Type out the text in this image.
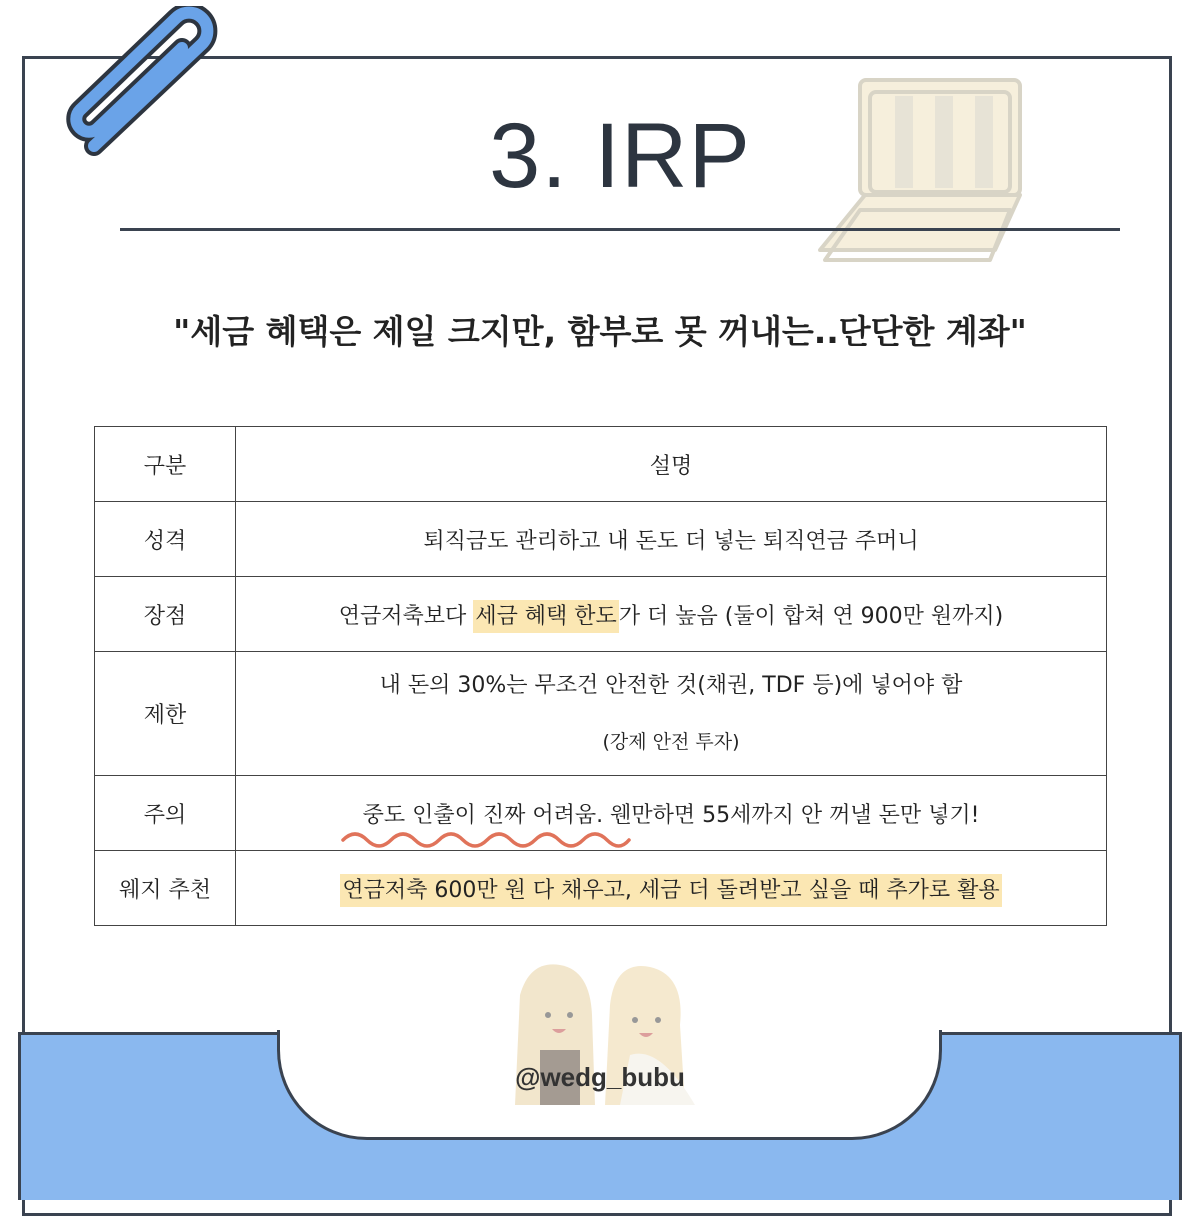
3. IRP
"세금 혜택은 제일 크지만, 함부로 못 꺼내는..단단한 계좌"
구분	설명
성격	퇴직금도 관리하고 내 돈도 더 넣는 퇴직연금 주머니
장점	연금저축보다 세금 혜택 한도가 더 높음 (둘이 합쳐 연 900만 원까지)
제한	내 돈의 30%는 무조건 안전한 것(채권, TDF 등)에 넣어야 함
(강제 안전 투자)

주의	중도 인출이 진짜 어려움
. 웬만하면 55세까지 안 꺼낼 돈만 넣기!
웨지 추천	연금저축 600만 원 다 채우고, 세금 더 돌려받고 싶을 때 추가로 활용
@wedg_bubu
